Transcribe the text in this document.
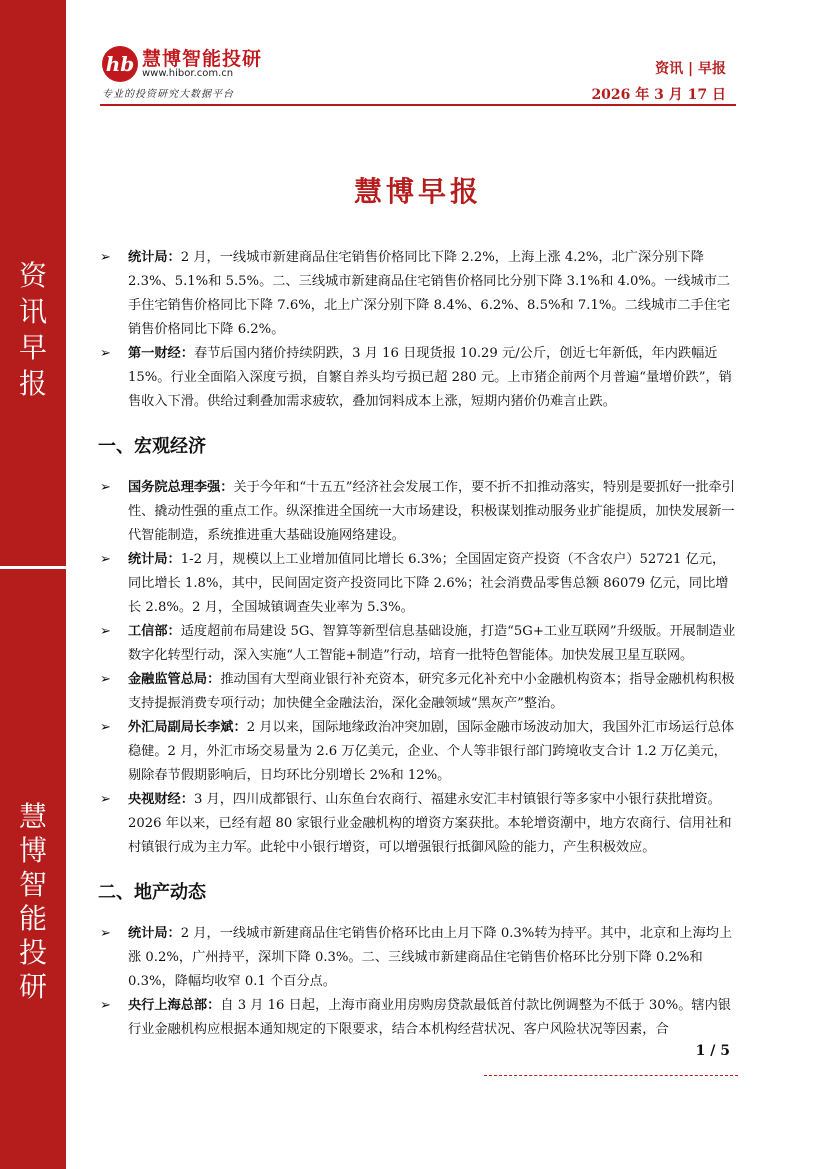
资
讯
早
报
慧
博
智
能
投
研
hb 慧博智能投研
www.hibor.com.cn
专业的投资研究大数据平台
资讯 | 早报
2026 年 3 月 17 日
慧博早报
➢ 统计局：2 月，一线城市新建商品住宅销售价格同比下降 2.2%，上海上涨 4.2%，北广深分别下降 2.3%、5.1%和 5.5%。二、三线城市新建商品住宅销售价格同比分别下降 3.1%和 4.0%。一线城市二手住宅销售价格同比下降 7.6%，北上广深分别下降 8.4%、6.2%、8.5%和 7.1%。二线城市二手住宅销售价格同比下降 6.2%。
➢ 第一财经：春节后国内猪价持续阴跌，3 月 16 日现货报 10.29 元/公斤，创近七年新低，年内跌幅近 15%。行业全面陷入深度亏损，自繁自养头均亏损已超 280 元。上市猪企前两个月普遍“量增价跌”，销售收入下滑。供给过剩叠加需求疲软，叠加饲料成本上涨，短期内猪价仍难言止跌。
一、宏观经济
➢ 国务院总理李强：关于今年和“十五五”经济社会发展工作，要不折不扣推动落实，特别是要抓好一批牵引性、撬动性强的重点工作。纵深推进全国统一大市场建设，积极谋划推动服务业扩能提质，加快发展新一代智能制造，系统推进重大基础设施网络建设。
➢ 统计局：1-2 月，规模以上工业增加值同比增长 6.3%；全国固定资产投资（不含农户）52721 亿元，同比增长 1.8%，其中，民间固定资产投资同比下降 2.6%；社会消费品零售总额 86079 亿元，同比增长 2.8%。2 月，全国城镇调查失业率为 5.3%。
➢ 工信部：适度超前布局建设 5G、智算等新型信息基础设施，打造“5G+工业互联网”升级版。开展制造业数字化转型行动，深入实施“人工智能+制造”行动，培育一批特色智能体。加快发展卫星互联网。
➢ 金融监管总局：推动国有大型商业银行补充资本，研究多元化补充中小金融机构资本；指导金融机构积极支持提振消费专项行动；加快健全金融法治，深化金融领域“黑灰产”整治。
➢ 外汇局副局长李斌：2 月以来，国际地缘政治冲突加剧，国际金融市场波动加大，我国外汇市场运行总体稳健。2 月，外汇市场交易量为 2.6 万亿美元，企业、个人等非银行部门跨境收支合计 1.2 万亿美元，剔除春节假期影响后，日均环比分别增长 2%和 12%。
➢ 央视财经：3 月，四川成都银行、山东鱼台农商行、福建永安汇丰村镇银行等多家中小银行获批增资。2026 年以来，已经有超 80 家银行业金融机构的增资方案获批。本轮增资潮中，地方农商行、信用社和村镇银行成为主力军。此轮中小银行增资，可以增强银行抵御风险的能力，产生积极效应。
二、地产动态
➢ 统计局：2 月，一线城市新建商品住宅销售价格环比由上月下降 0.3%转为持平。其中，北京和上海均上涨 0.2%，广州持平，深圳下降 0.3%。二、三线城市新建商品住宅销售价格环比分别下降 0.2%和 0.3%，降幅均收窄 0.1 个百分点。
➢ 央行上海总部：自 3 月 16 日起，上海市商业用房购房贷款最低首付款比例调整为不低于 30%。辖内银行业金融机构应根据本通知规定的下限要求，结合本机构经营状况、客户风险状况等因素，合
1 / 5
